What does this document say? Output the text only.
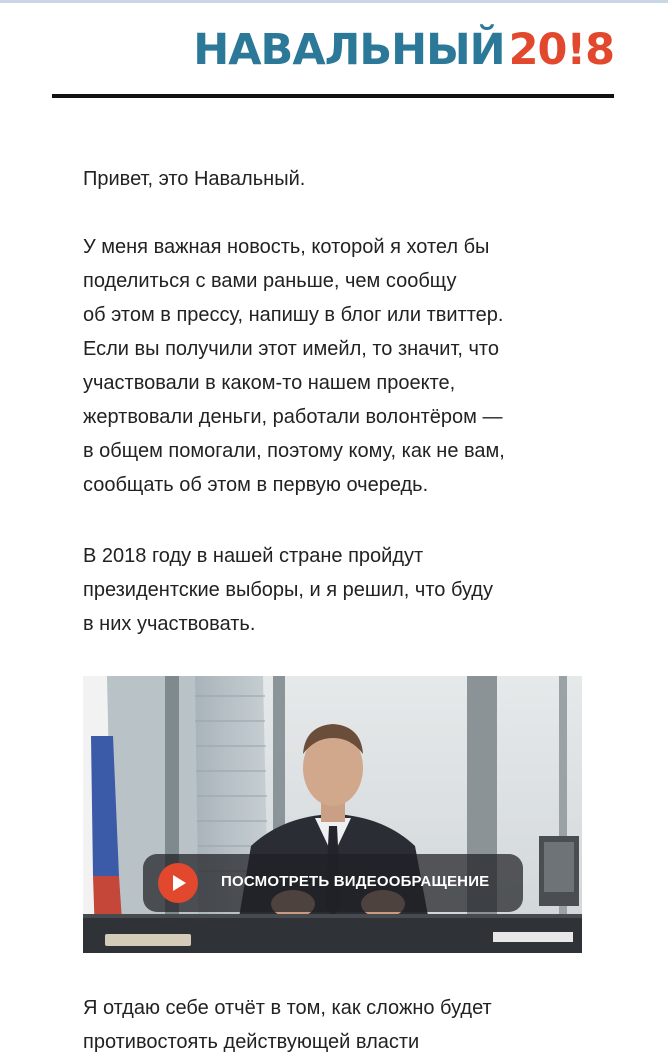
НАВАЛЬНЫЙ20!8

Привет, это Навальный.

У меня важная новость, которой я хотел бы
поделиться с вами раньше, чем сообщу
об этом в прессу, напишу в блог или твиттер.
Если вы получили этот имейл, то значит, что
участвовали в каком-то нашем проекте,
жертвовали деньги, работали волонтёром —
в общем помогали, поэтому кому, как не вам,
сообщать об этом в первую очередь.
В 2018 году в нашей стране пройдут
президентские выборы, и я решил, что буду
в них участвовать.
ПОСМОТРЕТЬ ВИДЕООБРАЩЕНИЕ
Я отдаю себе отчёт в том, как сложно будет
противостоять действующей власти
